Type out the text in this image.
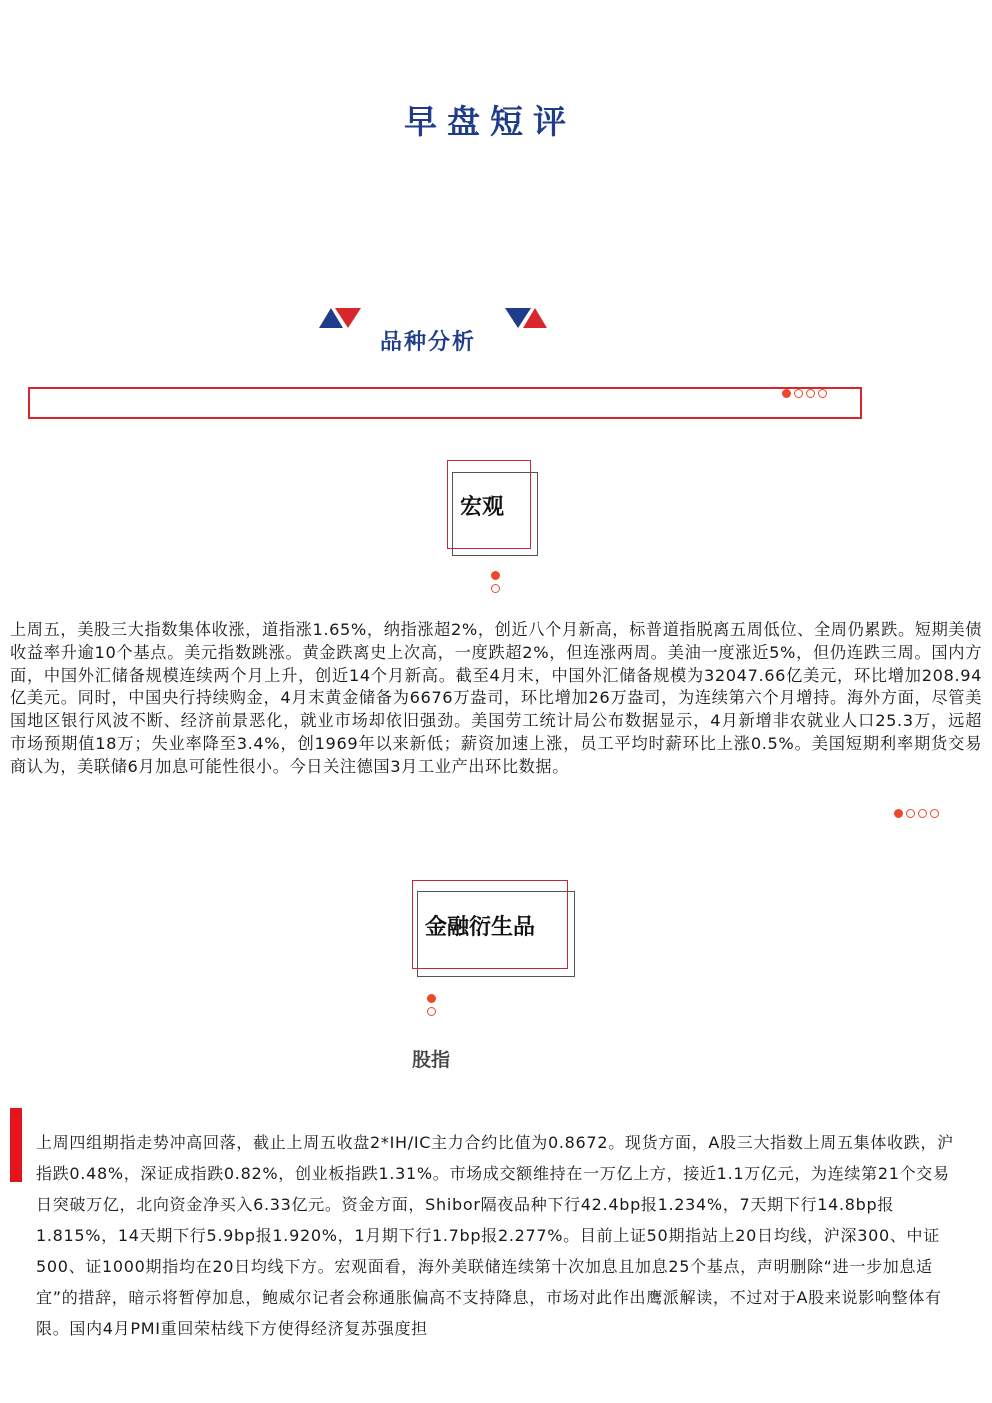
早盘短评
品种分析
宏观
上周五，美股三大指数集体收涨，道指涨1.65%，纳指涨超2%，创近八个月新高，标普道指脱离五周低位、全周仍累跌。短期美债收益率升逾10个基点。美元指数跳涨。黄金跌离史上次高，一度跌超2%，但连涨两周。美油一度涨近5%，但仍连跌三周。国内方面，中国外汇储备规模连续两个月上升，创近14个月新高。截至4月末，中国外汇储备规模为32047.66亿美元，环比增加208.94亿美元。同时，中国央行持续购金，4月末黄金储备为6676万盎司，环比增加26万盎司，为连续第六个月增持。海外方面，尽管美国地区银行风波不断、经济前景恶化，就业市场却依旧强劲。美国劳工统计局公布数据显示，4月新增非农就业人口25.3万，远超市场预期值18万；失业率降至3.4%，创1969年以来新低；薪资加速上涨，员工平均时薪环比上涨0.5%。美国短期利率期货交易商认为，美联储6月加息可能性很小。今日关注德国3月工业产出环比数据。
金融衍生品
股指
上周四组期指走势冲高回落，截止上周五收盘2*IH/IC主力合约比值为0.8672。现货方面，A股三大指数上周五集体收跌，沪指跌0.48%，深证成指跌0.82%，创业板指跌1.31%。市场成交额维持在一万亿上方，接近1.1万亿元，为连续第21个交易日突破万亿，北向资金净买入6.33亿元。资金方面，Shibor隔夜品种下行42.4bp报1.234%，7天期下行14.8bp报1.815%，14天期下行5.9bp报1.920%，1月期下行1.7bp报2.277%。目前上证50期指站上20日均线，沪深300、中证500、证1000期指均在20日均线下方。宏观面看，海外美联储连续第十次加息且加息25个基点，声明删除“进一步加息适宜”的措辞，暗示将暂停加息，鲍威尔记者会称通胀偏高不支持降息，市场对此作出鹰派解读，不过对于A股来说影响整体有限。国内4月PMI重回荣枯线下方使得经济复苏强度担
